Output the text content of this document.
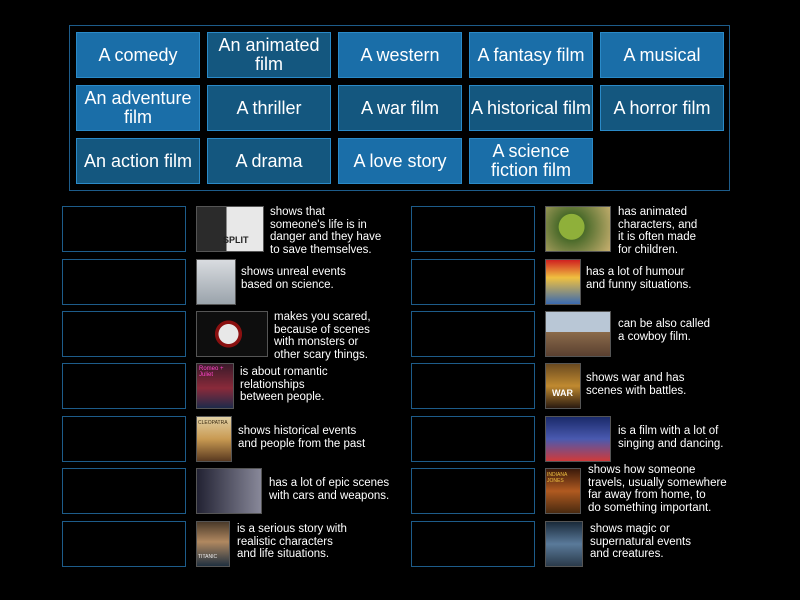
A comedy	An animated film	A western	A fantasy film	A musical
An adventure film	A thriller	A war film	A historical film	A horror film
An action film	A drama	A love story	A science fiction film
SPLIT
shows that
someone's life is in
danger and they have
to save themselves.
shows unreal events
based on science.
makes you scared,
because of scenes
with monsters or
other scary things.
Romeo + Juliet	is about romantic
relationships
between people.
CLEOPATRA
shows historical events
and people from the past
has a lot of epic scenes
with cars and weapons.
TITANIC
is a serious story with
realistic characters
and life situations.
has animated
characters, and
it is often made
for children.
has a lot of humour
and funny situations.
can be also called
a cowboy film.
WAR
shows war and has
scenes with battles.
is a film with a lot of
singing and dancing.
INDIANA JONES
shows how someone
travels, usually somewhere
far away from home, to
do something important.
shows magic or
supernatural events
and creatures.
